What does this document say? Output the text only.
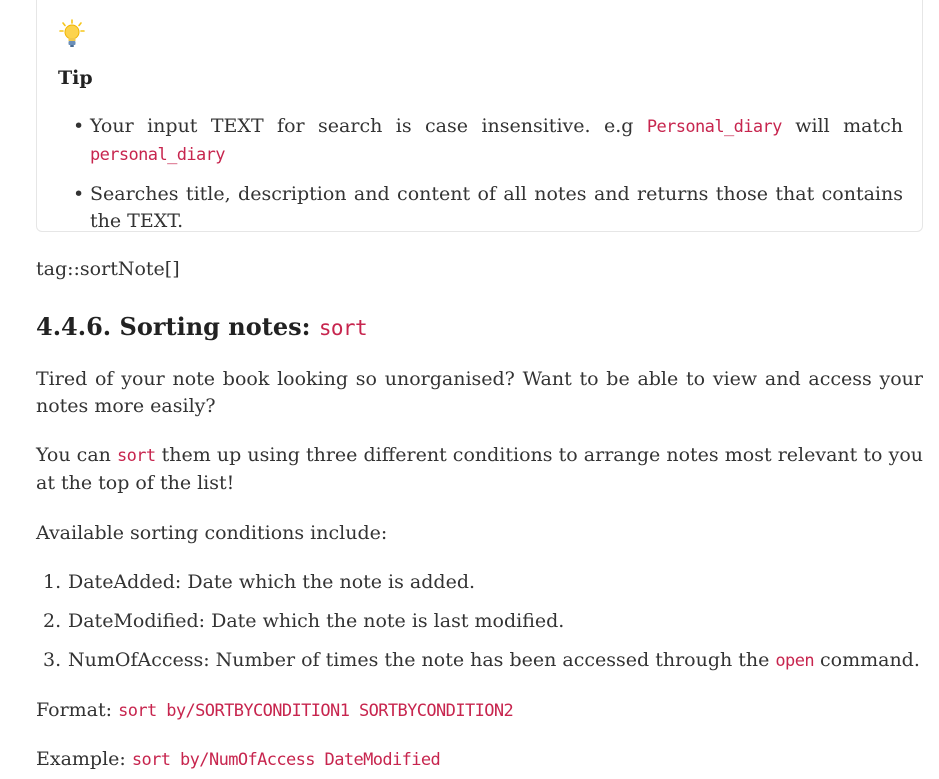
Tip
• Your input TEXT for search is case insensitive. e.g Personal_diary will match personal_diary
• Searches title, description and content of all notes and returns those that contains the TEXT.

tag::sortNote[]

4.4.6. Sorting notes: sort

Tired of your note book looking so unorganised? Want to be able to view and access your notes more easily?

You can sort them up using three different conditions to arrange notes most relevant to you at the top of the list!

Available sorting conditions include:

1. DateAdded: Date which the note is added.
2. DateModified: Date which the note is last modified.
3. NumOfAccess: Number of times the note has been accessed through the open command.

Format: sort by/SORTBYCONDITION1 SORTBYCONDITION2

Example: sort by/NumOfAccess DateModified
